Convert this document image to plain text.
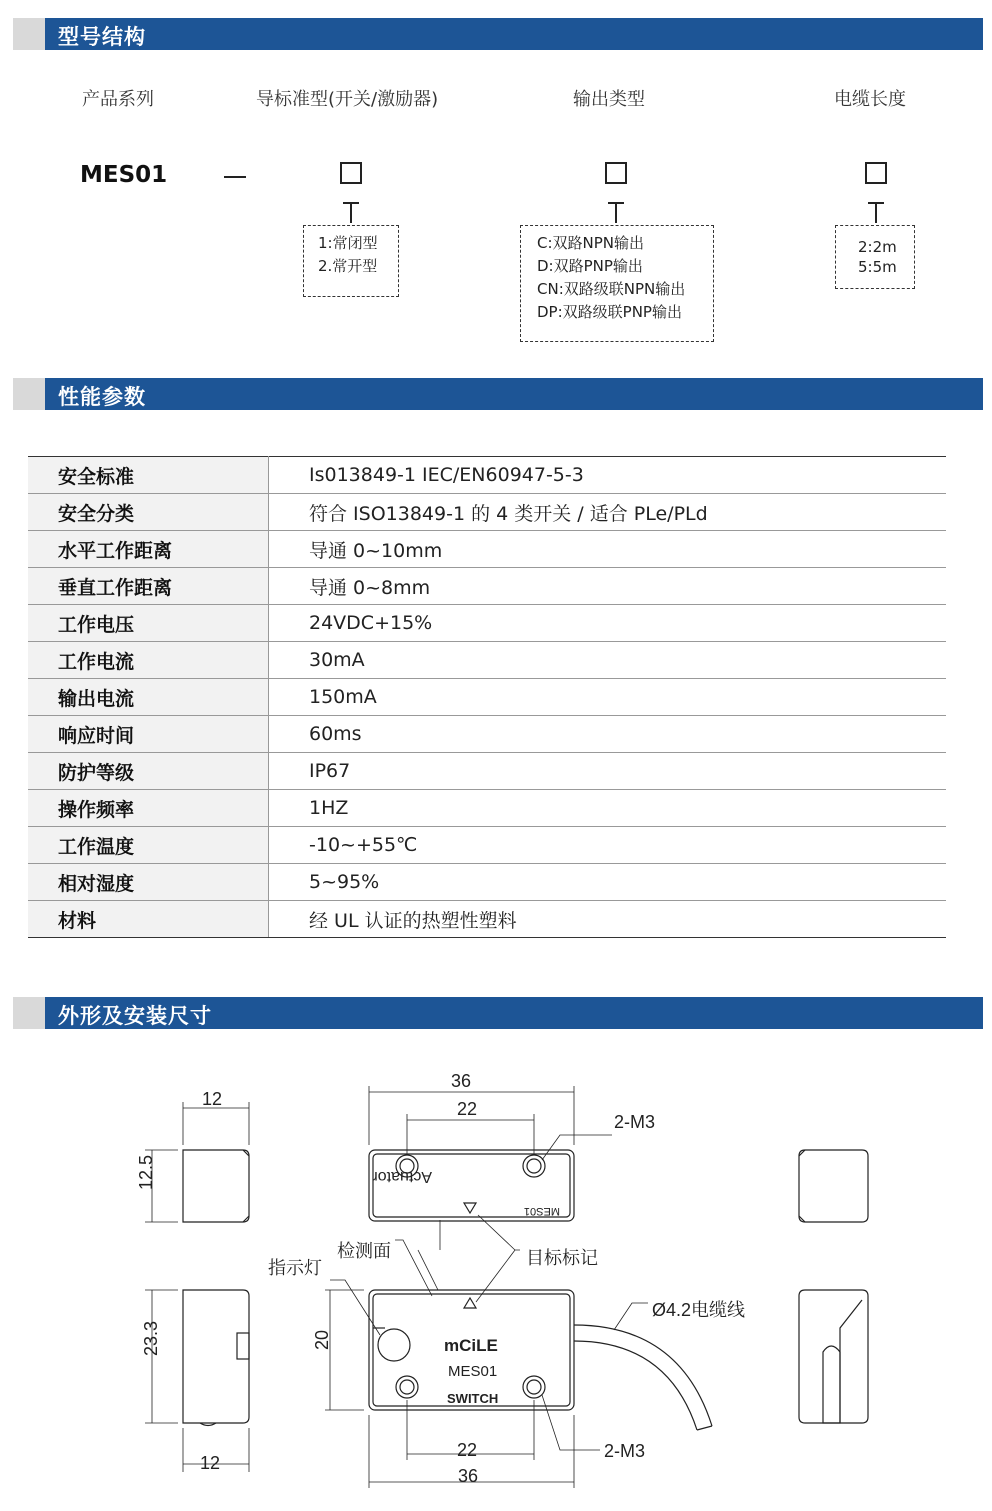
型号结构
产品系列	导标准型(开关/激励器)	输出类型	电缆长度
MES01
1:常闭型
2.常开型
C:双路NPN输出
D:双路PNP输出
CN:双路级联NPN输出
DP:双路级联PNP输出
2:2m
5:5m
性能参数
安全标准	Is013849-1 IEC/EN60947-5-3
安全分类	符合 ISO13849-1 的 4 类开关 / 适合 PLe/PLd
水平工作距离	导通 0~10mm
垂直工作距离	导通 0~8mm
工作电压	24VDC+15%
工作电流	30mA
输出电流	150mA
响应时间	60ms
防护等级	IP67
操作频率	1HZ
工作温度	-10~+55℃
相对湿度	5~95%
材料	经 UL 认证的热塑性塑料
外形及安装尺寸
12
12.5
36
22
2-M3
23.3
12
20
22
36
2-M3
Actuator
MES01
检测面	目标标记
指示灯
Ø4.2电缆线
mCiLE
MES01
SWITCH
